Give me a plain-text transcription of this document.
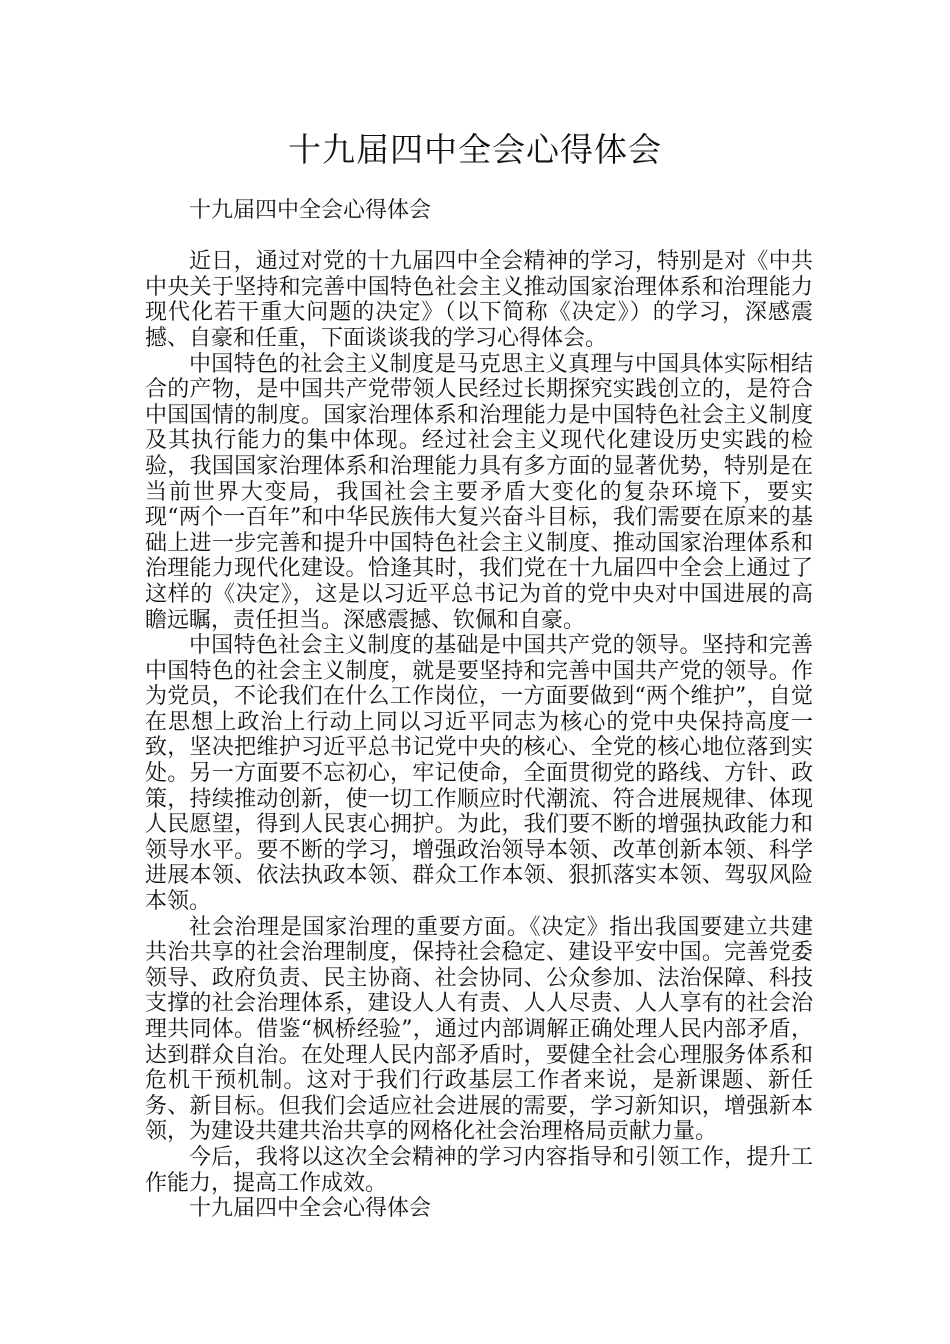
十九届四中全会心得体会

十九届四中全会心得体会

近日，通过对党的十九届四中全会精神的学习，特别是对《中共中央关于坚持和完善中国特色社会主义推动国家治理体系和治理能力现代化若干重大问题的决定》（以下简称《决定》）的学习，深感震撼、自豪和任重，下面谈谈我的学习心得体会。

中国特色的社会主义制度是马克思主义真理与中国具体实际相结合的产物，是中国共产党带领人民经过长期探究实践创立的，是符合中国国情的制度。国家治理体系和治理能力是中国特色社会主义制度及其执行能力的集中体现。经过社会主义现代化建设历史实践的检验，我国国家治理体系和治理能力具有多方面的显著优势，特别是在当前世界大变局，我国社会主要矛盾大变化的复杂环境下，要实现“两个一百年”和中华民族伟大复兴奋斗目标，我们需要在原来的基础上进一步完善和提升中国特色社会主义制度、推动国家治理体系和治理能力现代化建设。恰逢其时，我们党在十九届四中全会上通过了这样的《决定》，这是以习近平总书记为首的党中央对中国进展的高瞻远瞩，责任担当。深感震撼、钦佩和自豪。

中国特色社会主义制度的基础是中国共产党的领导。坚持和完善中国特色的社会主义制度，就是要坚持和完善中国共产党的领导。作为党员，不论我们在什么工作岗位，一方面要做到“两个维护”，自觉在思想上政治上行动上同以习近平同志为核心的党中央保持高度一致，坚决把维护习近平总书记党中央的核心、全党的核心地位落到实处。另一方面要不忘初心，牢记使命，全面贯彻党的路线、方针、政策，持续推动创新，使一切工作顺应时代潮流、符合进展规律、体现人民愿望，得到人民衷心拥护。为此，我们要不断的增强执政能力和领导水平。要不断的学习，增强政治领导本领、改革创新本领、科学进展本领、依法执政本领、群众工作本领、狠抓落实本领、驾驭风险本领。

社会治理是国家治理的重要方面。《决定》指出我国要建立共建共治共享的社会治理制度，保持社会稳定、建设平安中国。完善党委领导、政府负责、民主协商、社会协同、公众参加、法治保障、科技支撑的社会治理体系，建设人人有责、人人尽责、人人享有的社会治理共同体。借鉴“枫桥经验”，通过内部调解正确处理人民内部矛盾，达到群众自治。在处理人民内部矛盾时，要健全社会心理服务体系和危机干预机制。这对于我们行政基层工作者来说，是新课题、新任务、新目标。但我们会适应社会进展的需要，学习新知识，增强新本领，为建设共建共治共享的网格化社会治理格局贡献力量。

今后，我将以这次全会精神的学习内容指导和引领工作，提升工作能力，提高工作成效。

十九届四中全会心得体会
